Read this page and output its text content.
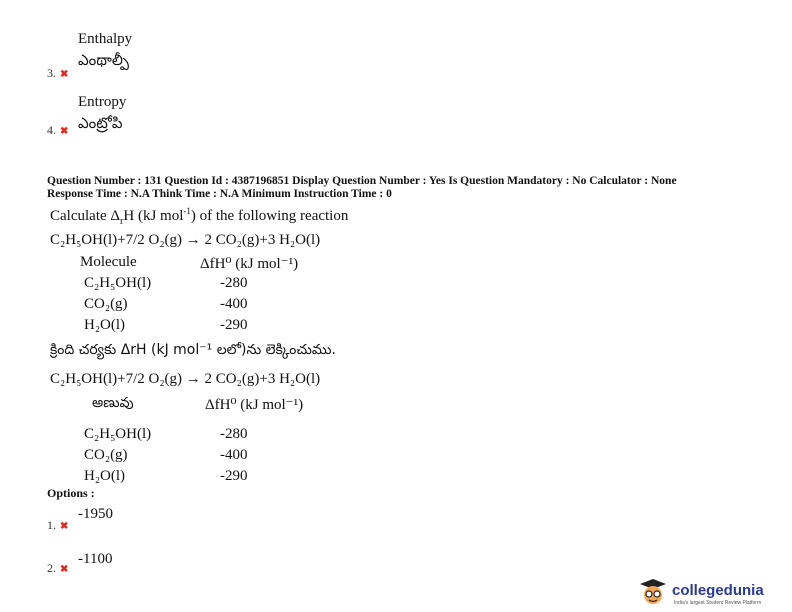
Enthalpy
ఎంథాల్పీ
3. ✖
Entropy
ఎంట్రోపి
4. ✖
Question Number : 131 Question Id : 4387196851 Display Question Number : Yes Is Question Mandatory : No Calculator : None
Response Time : N.A Think Time : N.A Minimum Instruction Time : 0
Calculate $\Delta_rH$ (kJ mol$^{-1}$) of the following reaction
C₂H₅OH(l)+7/2 O₂(g) → 2 CO₂(g)+3 H₂O(l)
Molecule	ΔfH⁰ (kJ mol⁻¹)
C₂H₅OH(l)	-280
CO₂(g)	-400
H₂O(l)	-290
క్రింది చర్యకు ΔrH (kJ mol⁻¹ లలో)ను లెక్కించుము.
C₂H₅OH(l)+7/2 O₂(g) → 2 CO₂(g)+3 H₂O(l)
అణువు	ΔfH⁰ (kJ mol⁻¹)
C₂H₅OH(l)	-280
CO₂(g)	-400
H₂O(l)	-290
Options :
-1950
1. ✖
-1100
2. ✖
collegedunia
India's largest Student Review Platform
